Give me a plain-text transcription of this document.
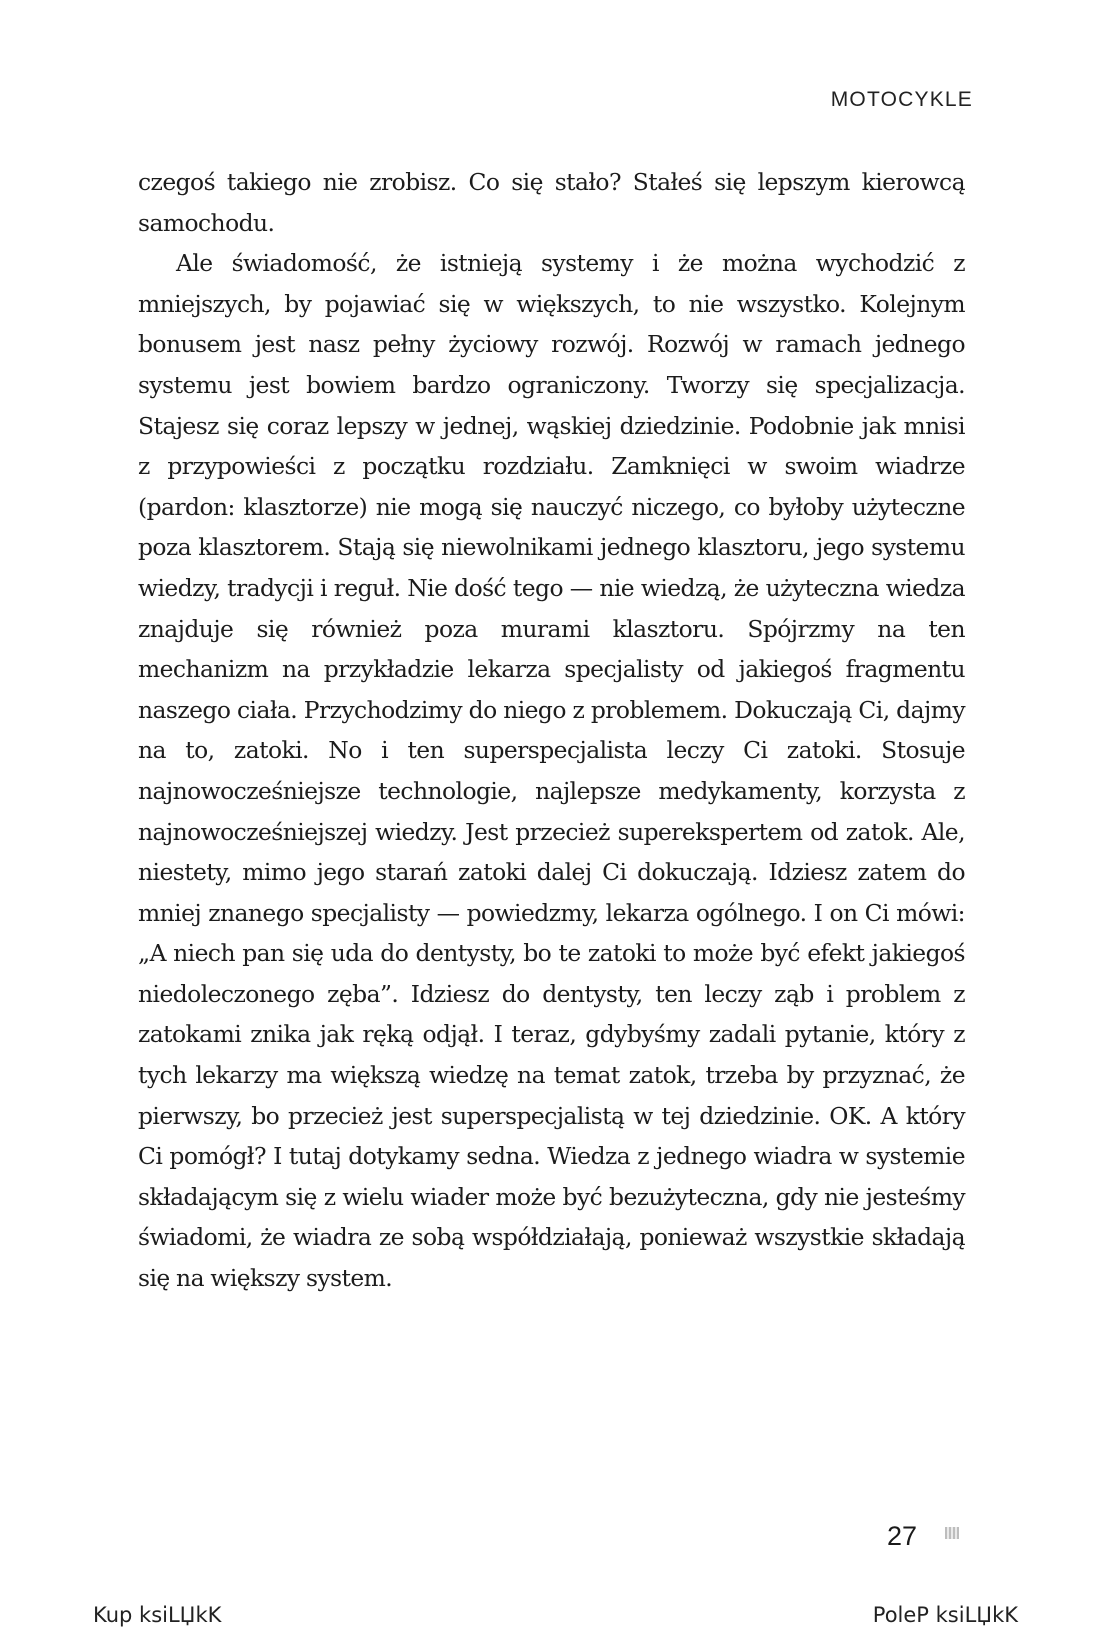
MOTOCYKLE

czegoś takiego nie zrobisz. Co się stało? Stałeś się lepszym kierowcą samochodu.

Ale świadomość, że istnieją systemy i że można wychodzić z mniejszych, by pojawiać się w większych, to nie wszystko. Kolejnym bonusem jest nasz pełny życiowy rozwój. Rozwój w ramach jednego systemu jest bowiem bardzo ograniczony. Tworzy się specjalizacja. Stajesz się coraz lepszy w jednej, wąskiej dziedzinie. Podobnie jak mnisi z przypowieści z początku rozdziału. Zamknięci w swoim wiadrze (pardon: klasztorze) nie mogą się nauczyć niczego, co byłoby użyteczne poza klasztorem. Stają się niewolnikami jednego klasztoru, jego systemu wiedzy, tradycji i reguł. Nie dość tego — nie wiedzą, że użyteczna wiedza znajduje się również poza murami klasztoru. Spójrzmy na ten mechanizm na przykładzie lekarza specjalisty od jakiegoś fragmentu naszego ciała. Przychodzimy do niego z problemem. Dokuczają Ci, dajmy na to, zatoki. No i ten superspecjalista leczy Ci zatoki. Stosuje najnowocześniejsze technologie, najlepsze medykamenty, korzysta z najnowocześniejszej wiedzy. Jest przecież superekspertem od zatok. Ale, niestety, mimo jego starań zatoki dalej Ci dokuczają. Idziesz zatem do mniej znanego specjalisty — powiedzmy, lekarza ogólnego. I on Ci mówi: „A niech pan się uda do dentysty, bo te zatoki to może być efekt jakiegoś niedoleczonego zęba”. Idziesz do dentysty, ten leczy ząb i problem z zatokami znika jak ręką odjął. I teraz, gdybyśmy zadali pytanie, który z tych lekarzy ma większą wiedzę na temat zatok, trzeba by przyznać, że pierwszy, bo przecież jest superspecjalistą w tej dziedzinie. OK. A który Ci pomógł? I tutaj dotykamy sedna. Wiedza z jednego wiadra w systemie składającym się z wielu wiader może być bezużyteczna, gdy nie jesteśmy świadomi, że wiadra ze sobą współdziałają, ponieważ wszystkie składają się na większy system.

27
Kup ksiLЏkK	PoleP ksiLЏkK
